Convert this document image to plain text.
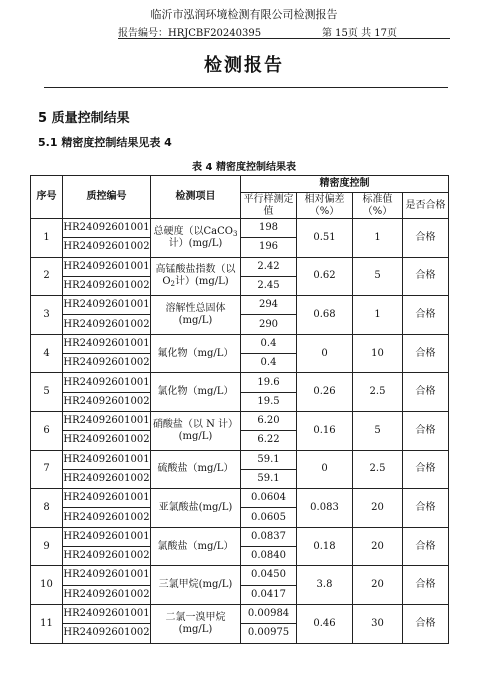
临沂市泓润环境检测有限公司检测报告
报告编号：HRJCBF20240395	第 15页 共 17页
检测报告
5 质量控制结果
5.1 精密度控制结果见表 4
表 4 精密度控制结果表
序号	质控编号	检测项目	精密度控制			
			平行样测定值	相对偏差（%）	标准值（%）	是否合格
1	HR24092601001	总硬度（以CaCO$_3$计）(mg/L)	198	0.51	1	合格
	HR24092601002		196			
2	HR24092601001	高锰酸盐指数（以 $O_2$计）(mg/L)	2.42	0.62	5	合格
	HR24092601002		2.45			
3	HR24092601001	溶解性总固体(mg/L)	294	0.68	1	合格
	HR24092601002		290			
4	HR24092601001	氟化物（mg/L）	0.4	0	10	合格
	HR24092601002		0.4			
5	HR24092601001	氯化物（mg/L）	19.6	0.26	2.5	合格
	HR24092601002		19.5			
6	HR24092601001	硝酸盐（以 N 计）(mg/L)	6.20	0.16	5	合格
	HR24092601002		6.22			
7	HR24092601001	硫酸盐（mg/L）	59.1	0	2.5	合格
	HR24092601002		59.1			
8	HR24092601001	亚氯酸盐(mg/L)	0.0604	0.083	20	合格
	HR24092601002		0.0605			
9	HR24092601001	氯酸盐（mg/L）	0.0837	0.18	20	合格
	HR24092601002		0.0840			
10	HR24092601001	三氯甲烷(mg/L)	0.0450	3.8	20	合格
	HR24092601002		0.0417			
11	HR24092601001	二氯一溴甲烷(mg/L)	0.00984	0.46	30	合格
	HR24092601002		0.00975			
